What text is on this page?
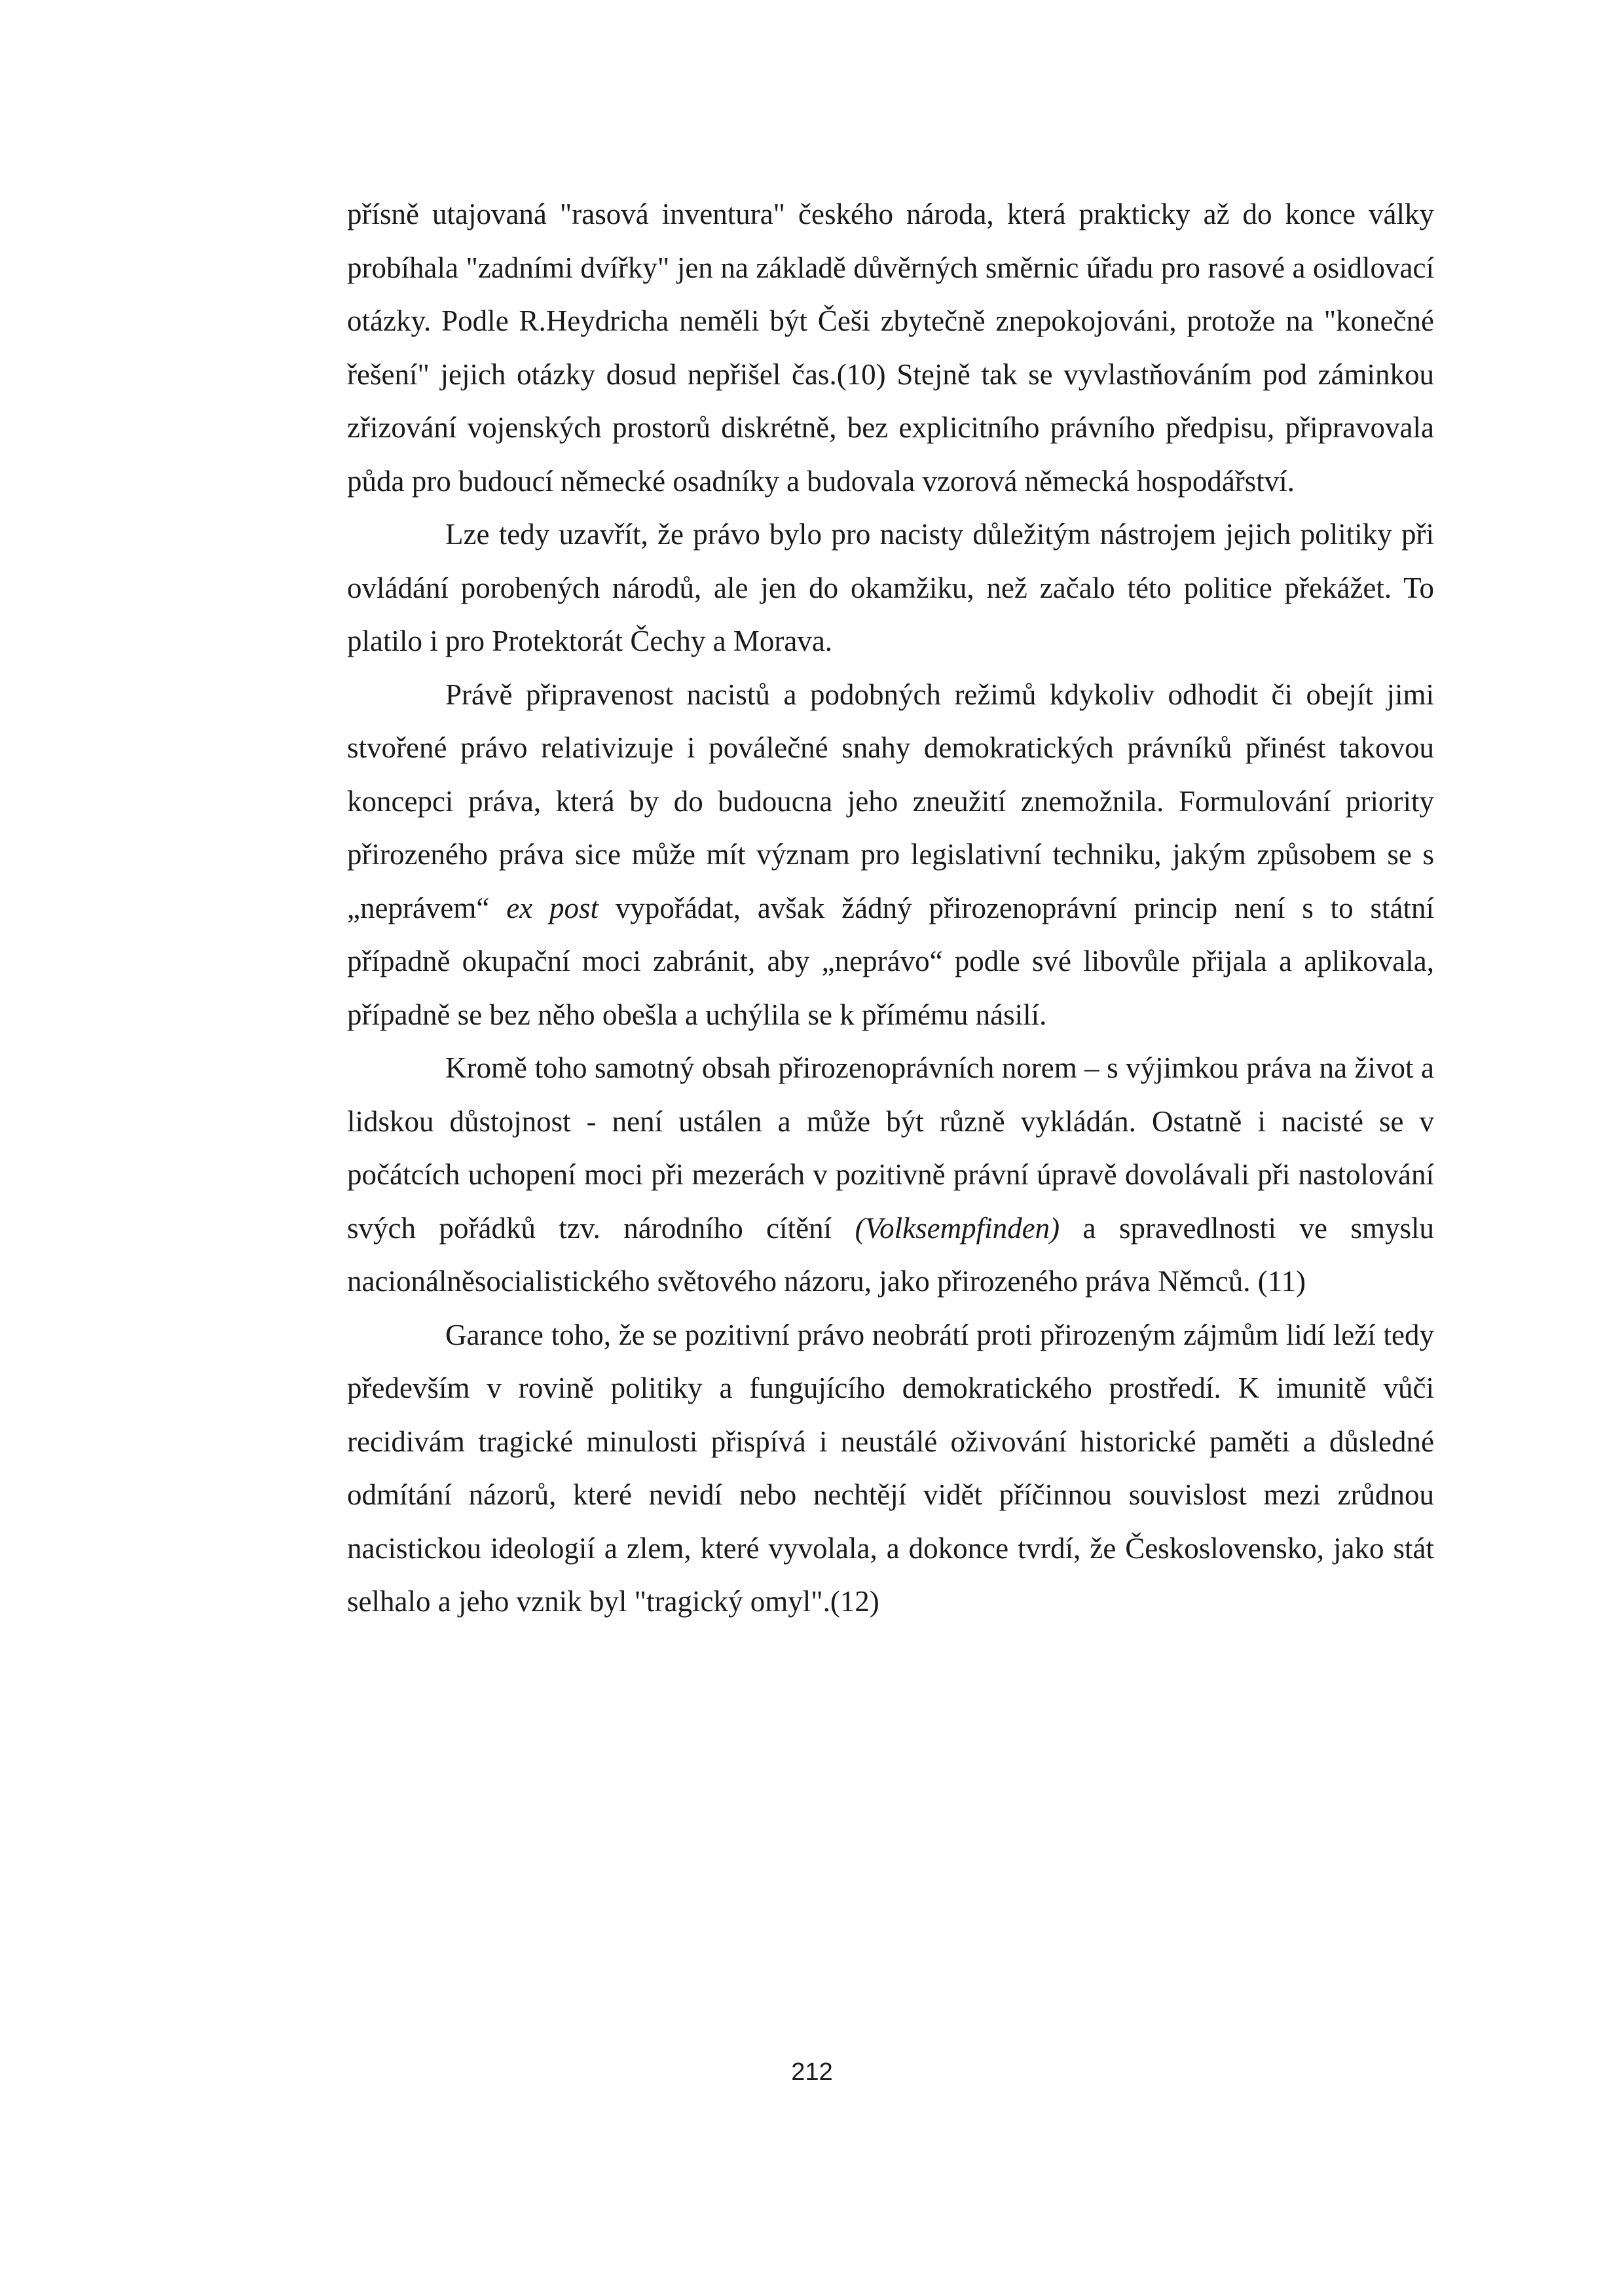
přísně utajovaná "rasová inventura" českého národa, která prakticky až do konce války probíhala "zadními dvířky" jen na základě důvěrných směrnic úřadu pro rasové a osidlovací otázky. Podle R.Heydricha neměli být Češi zbytečně znepokojováni, protože na "konečné řešení" jejich otázky dosud nepřišel čas.(10) Stejně tak se vyvlastňováním pod záminkou zřizování vojenských prostorů diskrétně, bez explicitního právního předpisu, připravovala půda pro budoucí německé osadníky a budovala vzorová německá hospodářství.

Lze tedy uzavřít, že právo bylo pro nacisty důležitým nástrojem jejich politiky při ovládání porobených národů, ale jen do okamžiku, než začalo této politice překážet. To platilo i pro Protektorát Čechy a Morava.

Právě připravenost nacistů a podobných režimů kdykoliv odhodit či obejít jimi stvořené právo relativizuje i poválečné snahy demokratických právníků přinést takovou koncepci práva, která by do budoucna jeho zneužití znemožnila. Formulování priority přirozeného práva sice může mít význam pro legislativní techniku, jakým způsobem se s „neprávem“ ex post vypořádat, avšak žádný přirozenoprávní princip není s to státní případně okupační moci zabránit, aby „neprávo“ podle své libovůle přijala a aplikovala, případně se bez něho obešla a uchýlila se k přímému násilí.

Kromě toho samotný obsah přirozenoprávních norem – s výjimkou práva na život a lidskou důstojnost - není ustálen a může být různě vykládán. Ostatně i nacisté se v počátcích uchopení moci při mezerách v pozitivně právní úpravě dovolávali při nastolování svých pořádků tzv. národního cítění (Volksempfinden) a spravedlnosti ve smyslu nacionálněsocialistického světového názoru, jako přirozeného práva Němců. (11)

Garance toho, že se pozitivní právo neobrátí proti přirozeným zájmům lidí leží tedy především v rovině politiky a fungujícího demokratického prostředí. K imunitě vůči recidivám tragické minulosti přispívá i neustálé oživování historické paměti a důsledné odmítání názorů, které nevidí nebo nechtějí vidět příčinnou souvislost mezi zrůdnou nacistickou ideologií a zlem, které vyvolala, a dokonce tvrdí, že Československo, jako stát selhalo a jeho vznik byl "tragický omyl".(12)

212
